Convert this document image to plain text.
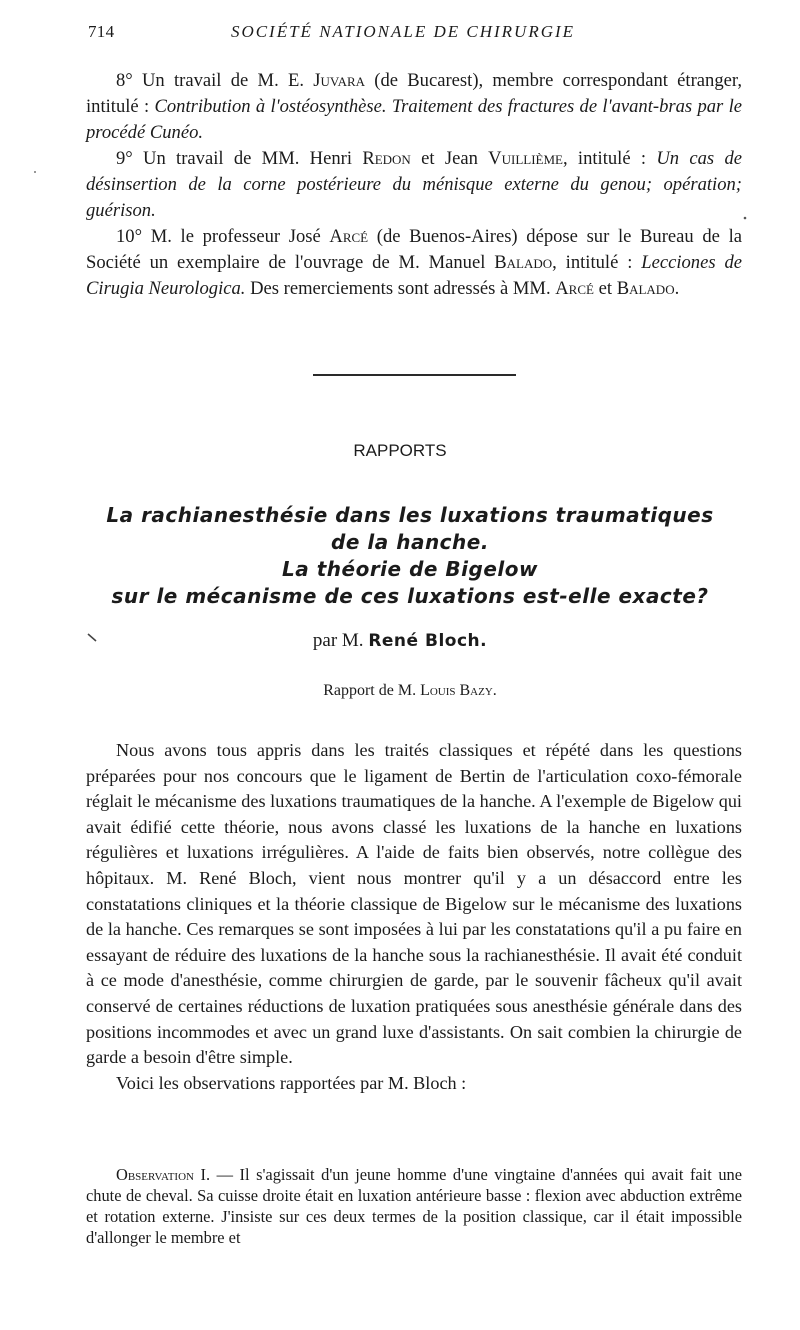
714	SOCIÉTÉ NATIONALE DE CHIRURGIE

8° Un travail de M. E. Juvara (de Bucarest), membre correspondant étranger, intitulé : Contribution à l'ostéosynthèse. Traitement des fractures de l'avant-bras par le procédé Cunéo.

9° Un travail de MM. Henri Redon et Jean Vuillième, intitulé : Un cas de désinsertion de la corne postérieure du ménisque externe du genou; opération; guérison.

10° M. le professeur José Arcé (de Buenos-Aires) dépose sur le Bureau de la Société un exemplaire de l'ouvrage de M. Manuel Balado, intitulé : Lecciones de Cirugia Neurologica. Des remerciements sont adressés à MM. Arcé et Balado.

RAPPORTS
La rachianesthésie dans les luxations traumatiques
de la hanche.
La théorie de Bigelow
sur le mécanisme de ces luxations est-elle exacte?
par M. René Bloch.
Rapport de M. Louis Bazy.

Nous avons tous appris dans les traités classiques et répété dans les questions préparées pour nos concours que le ligament de Bertin de l'articulation coxo-fémorale réglait le mécanisme des luxations traumatiques de la hanche. A l'exemple de Bigelow qui avait édifié cette théorie, nous avons classé les luxations de la hanche en luxations régulières et luxations irrégulières. A l'aide de faits bien observés, notre collègue des hôpitaux. M. René Bloch, vient nous montrer qu'il y a un désaccord entre les constatations cliniques et la théorie classique de Bigelow sur le mécanisme des luxations de la hanche. Ces remarques se sont imposées à lui par les constatations qu'il a pu faire en essayant de réduire des luxations de la hanche sous la rachianesthésie. Il avait été conduit à ce mode d'anesthésie, comme chirurgien de garde, par le souvenir fâcheux qu'il avait conservé de certaines réductions de luxation pratiquées sous anesthésie générale dans des positions incommodes et avec un grand luxe d'assistants. On sait combien la chirurgie de garde a besoin d'être simple.

Voici les observations rapportées par M. Bloch :

Observation I. — Il s'agissait d'un jeune homme d'une vingtaine d'années qui avait fait une chute de cheval. Sa cuisse droite était en luxation antérieure basse : flexion avec abduction extrême et rotation externe. J'insiste sur ces deux termes de la position classique, car il était impossible d'allonger le membre et
